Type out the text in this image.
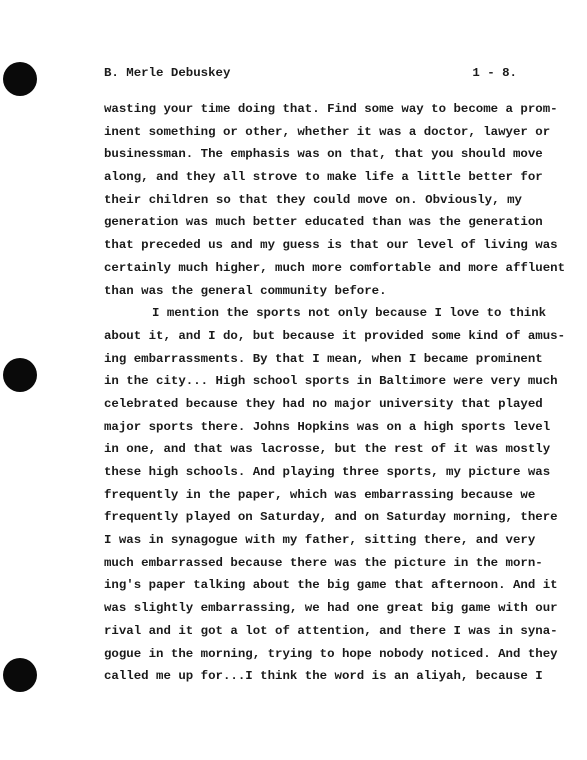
B. Merle Debuskey	1 - 8.
wasting your time doing that. Find some way to become a prom-
inent something or other, whether it was a doctor, lawyer or
businessman. The emphasis was on that, that you should move
along, and they all strove to make life a little better for
their children so that they could move on. Obviously, my
generation was much better educated than was the generation
that preceded us and my guess is that our level of living was
certainly much higher, much more comfortable and more affluent
than was the general community before.
I mention the sports not only because I love to think
about it, and I do, but because it provided some kind of amus-
ing embarrassments. By that I mean, when I became prominent
in the city... High school sports in Baltimore were very much
celebrated because they had no major university that played
major sports there. Johns Hopkins was on a high sports level
in one, and that was lacrosse, but the rest of it was mostly
these high schools. And playing three sports, my picture was
frequently in the paper, which was embarrassing because we
frequently played on Saturday, and on Saturday morning, there
I was in synagogue with my father, sitting there, and very
much embarrassed because there was the picture in the morn-
ing's paper talking about the big game that afternoon. And it
was slightly embarrassing, we had one great big game with our
rival and it got a lot of attention, and there I was in syna-
gogue in the morning, trying to hope nobody noticed. And they
called me up for...I think the word is an aliyah, because I
